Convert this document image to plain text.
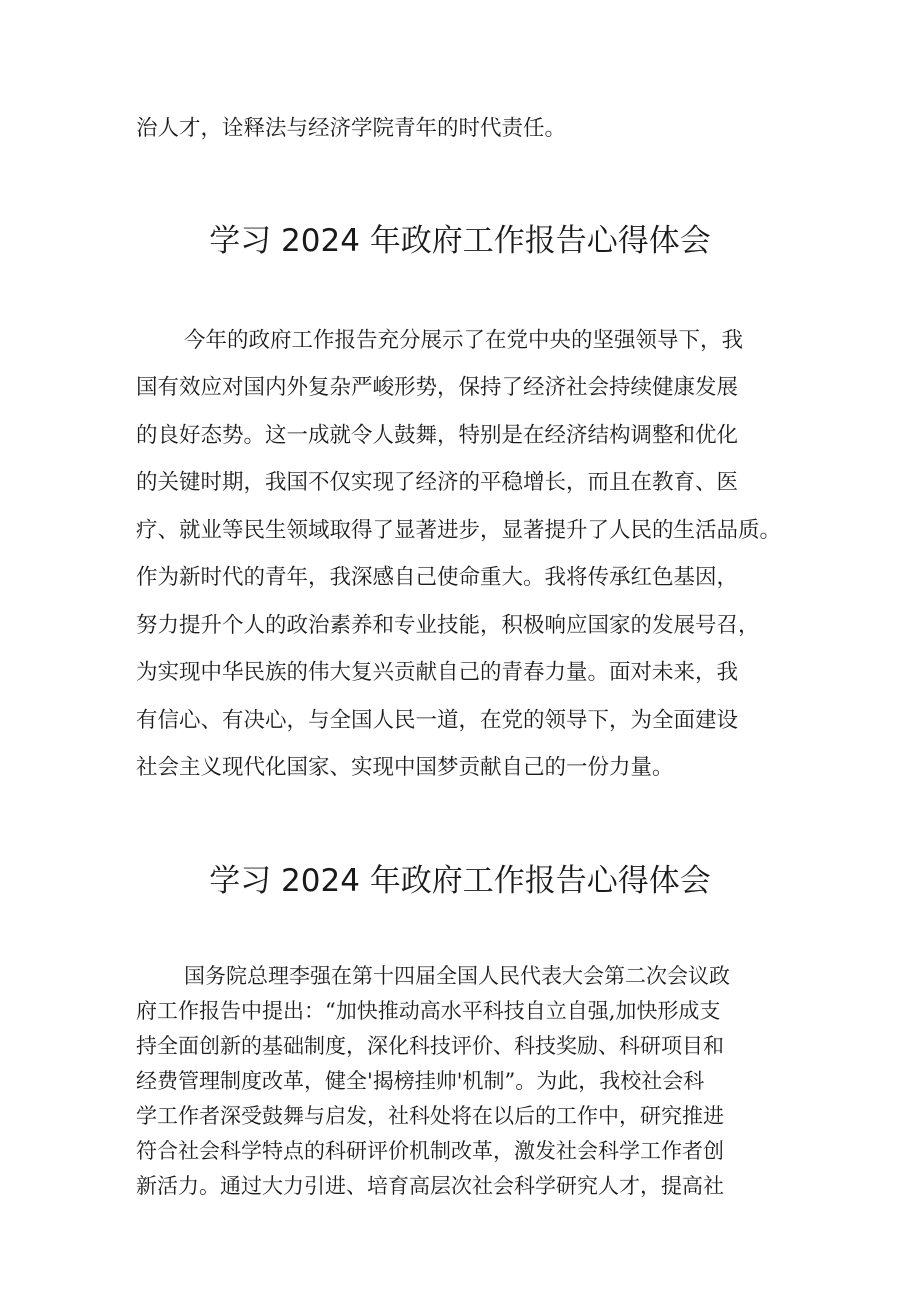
治人才，诠释法与经济学院青年的时代责任。
学习 2024 年政府工作报告心得体会
今年的政府工作报告充分展示了在党中央的坚强领导下，我
国有效应对国内外复杂严峻形势，保持了经济社会持续健康发展
的良好态势。这一成就令人鼓舞，特别是在经济结构调整和优化
的关键时期，我国不仅实现了经济的平稳增长，而且在教育、医
疗、就业等民生领域取得了显著进步，显著提升了人民的生活品质。
作为新时代的青年，我深感自己使命重大。我将传承红色基因，
努力提升个人的政治素养和专业技能，积极响应国家的发展号召，
为实现中华民族的伟大复兴贡献自己的青春力量。面对未来，我
有信心、有决心，与全国人民一道，在党的领导下，为全面建设
社会主义现代化国家、实现中国梦贡献自己的一份力量。
学习 2024 年政府工作报告心得体会
国务院总理李强在第十四届全国人民代表大会第二次会议政
府工作报告中提出：“加快推动高水平科技自立自强,加快形成支
持全面创新的基础制度，深化科技评价、科技奖励、科研项目和
经费管理制度改革，健全'揭榜挂帅'机制”。为此，我校社会科
学工作者深受鼓舞与启发，社科处将在以后的工作中，研究推进
符合社会科学特点的科研评价机制改革，激发社会科学工作者创
新活力。通过大力引进、培育高层次社会科学研究人才，提高社
